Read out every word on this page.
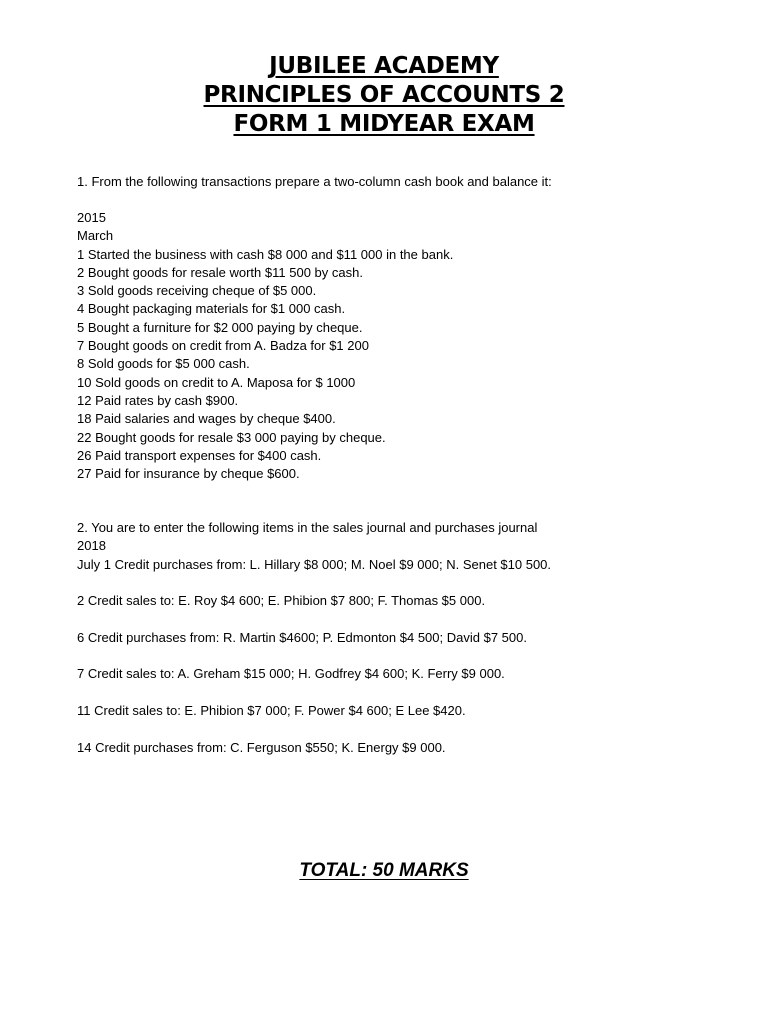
JUBILEE ACADEMY
PRINCIPLES OF ACCOUNTS 2
FORM 1 MIDYEAR EXAM
1. From the following transactions prepare a two-column cash book and balance it:
2015
March
1 Started the business with cash $8 000 and $11 000 in the bank.
2 Bought goods for resale worth $11 500 by cash.
3 Sold goods receiving cheque of $5 000.
4 Bought packaging materials for $1 000 cash.
5 Bought a furniture for $2 000 paying by cheque.
7 Bought goods on credit from A. Badza for $1 200
8 Sold goods for $5 000 cash.
10 Sold goods on credit to A. Maposa for $ 1000
12 Paid rates by cash $900.
18 Paid salaries and wages by cheque $400.
22 Bought goods for resale $3 000 paying by cheque.
26 Paid transport expenses for $400 cash.
27 Paid for insurance by cheque $600.
2. You are to enter the following items in the sales journal and purchases journal
2018
July 1 Credit purchases from: L. Hillary $8 000; M. Noel $9 000; N. Senet $10 500.
2 Credit sales to: E. Roy $4 600; E. Phibion $7 800; F. Thomas $5 000.
6 Credit purchases from: R. Martin $4600; P. Edmonton $4 500; David $7 500.
7 Credit sales to: A. Greham $15 000; H. Godfrey $4 600; K. Ferry $9 000.
11 Credit sales to: E. Phibion $7 000; F. Power $4 600; E Lee $420.
14 Credit purchases from: C. Ferguson $550; K. Energy $9 000.
TOTAL: 50 MARKS
